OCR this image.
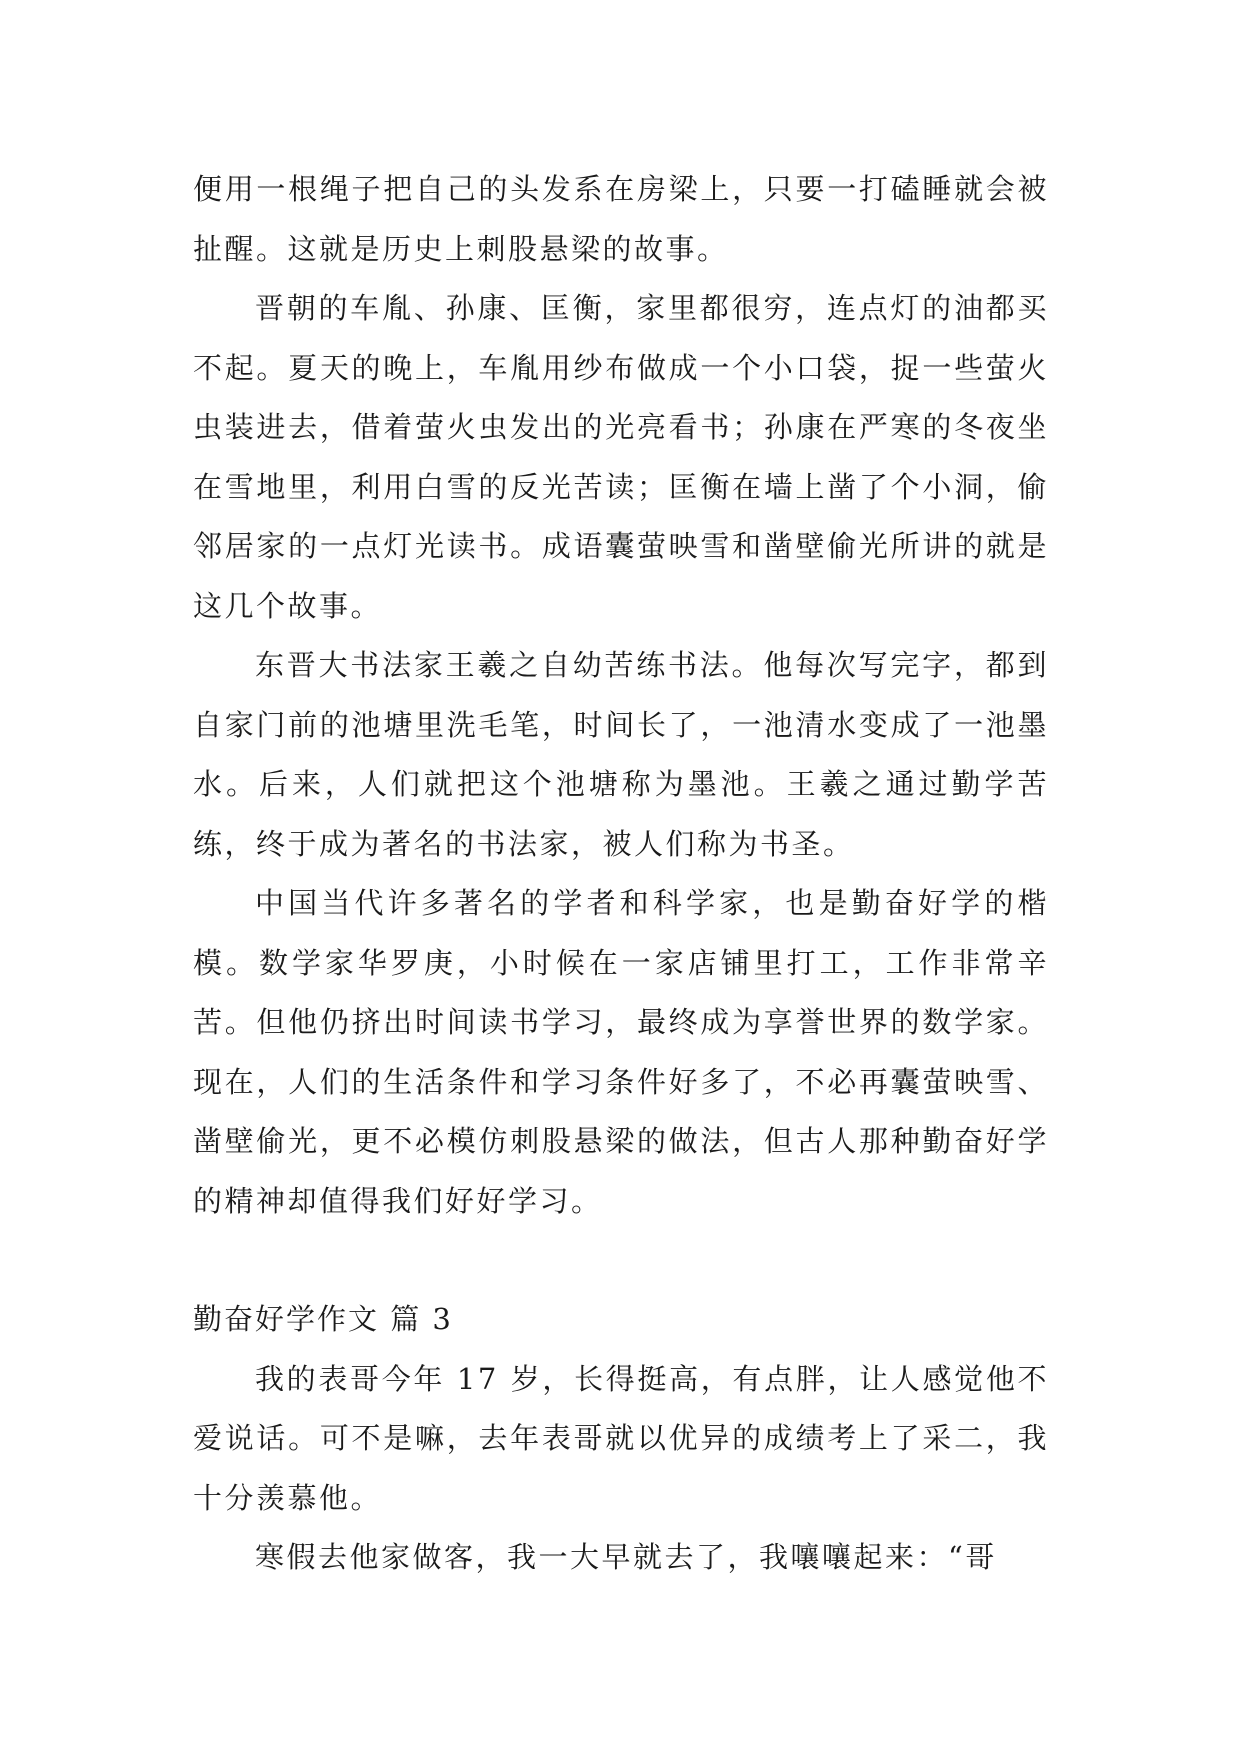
便用一根绳子把自己的头发系在房梁上，只要一打磕睡就会被扯醒。这就是历史上刺股悬梁的故事。

晋朝的车胤、孙康、匡衡，家里都很穷，连点灯的油都买不起。夏天的晚上，车胤用纱布做成一个小口袋，捉一些萤火虫装进去，借着萤火虫发出的光亮看书；孙康在严寒的冬夜坐在雪地里，利用白雪的反光苦读；匡衡在墙上凿了个小洞，偷邻居家的一点灯光读书。成语囊萤映雪和凿壁偷光所讲的就是这几个故事。

东晋大书法家王羲之自幼苦练书法。他每次写完字，都到自家门前的池塘里洗毛笔，时间长了，一池清水变成了一池墨水。后来，人们就把这个池塘称为墨池。王羲之通过勤学苦练，终于成为著名的书法家，被人们称为书圣。

中国当代许多著名的学者和科学家，也是勤奋好学的楷模。数学家华罗庚，小时候在一家店铺里打工，工作非常辛苦。但他仍挤出时间读书学习，最终成为享誉世界的数学家。现在，人们的生活条件和学习条件好多了，不必再囊萤映雪、凿壁偷光，更不必模仿刺股悬梁的做法，但古人那种勤奋好学的精神却值得我们好好学习。

勤奋好学作文 篇 3

我的表哥今年 17 岁，长得挺高，有点胖，让人感觉他不爱说话。可不是嘛，去年表哥就以优异的成绩考上了采二，我十分羡慕他。

寒假去他家做客，我一大早就去了，我嚷嚷起来：“哥
